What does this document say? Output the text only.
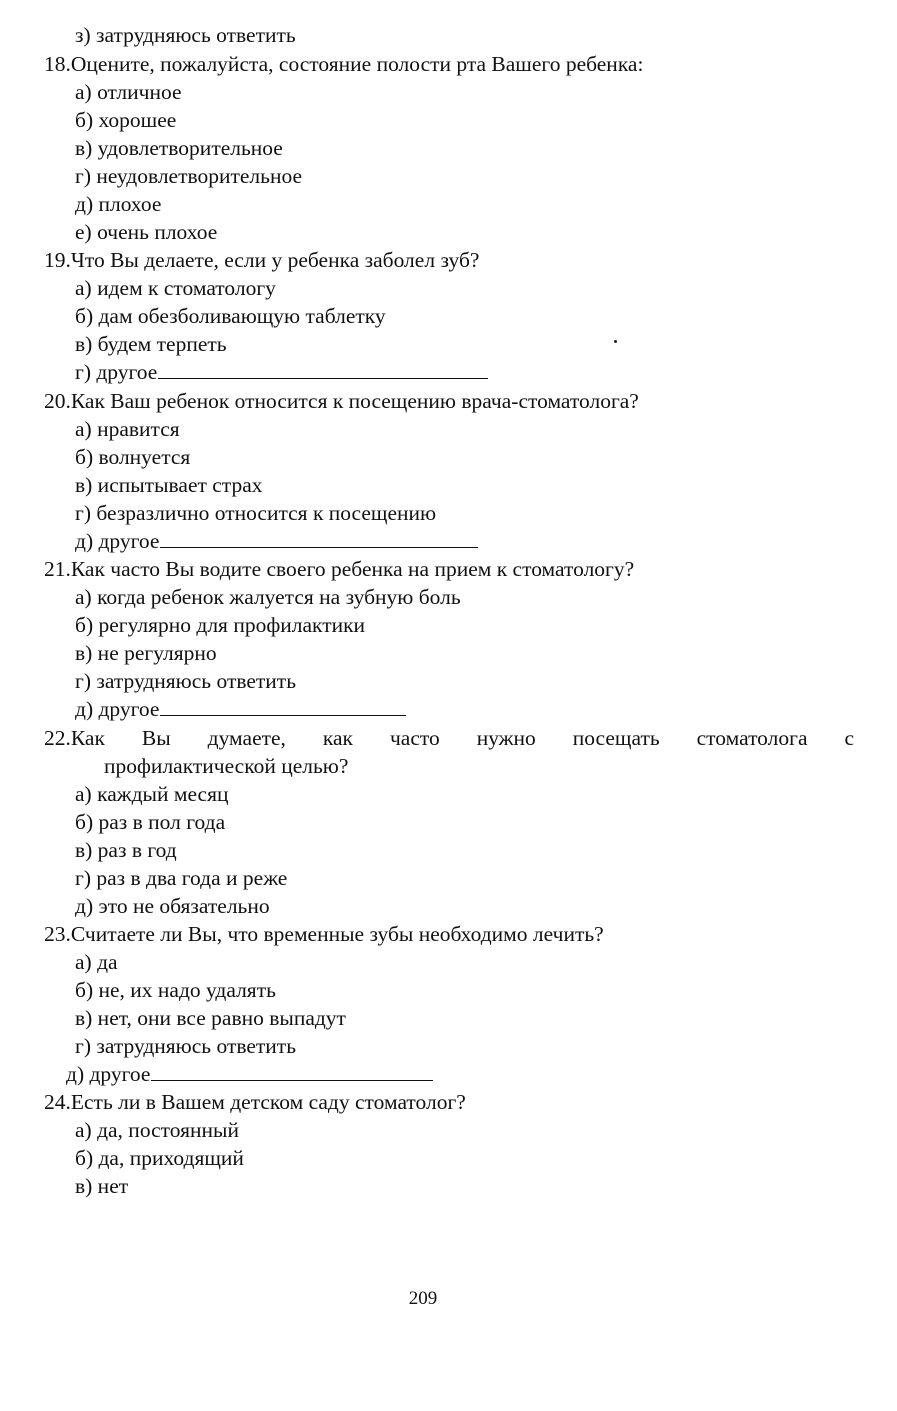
з) затрудняюсь ответить
18.Оцените, пожалуйста, состояние полости рта Вашего ребенка:
а) отличное
б) хорошее
в) удовлетворительное
г) неудовлетворительное
д) плохое
е) очень плохое
19.Что Вы делаете, если у ребенка заболел зуб?
а) идем к стоматологу
б) дам обезболивающую таблетку
в) будем терпеть
г) другое
20.Как Ваш ребенок относится к посещению врача-стоматолога?
а) нравится
б) волнуется
в) испытывает страх
г) безразлично относится к посещению
д) другое
21.Как часто Вы водите своего ребенка на прием к стоматологу?
а) когда ребенок жалуется на зубную боль
б) регулярно для профилактики
в) не регулярно
г) затрудняюсь ответить
д) другое
22.Как Вы думаете, как часто нужно посещать стоматолога с
профилактической целью?
а) каждый месяц
б) раз в пол года
в) раз в год
г) раз в два года и реже
д) это не обязательно
23.Считаете ли Вы, что временные зубы необходимо лечить?
а) да
б) не, их надо удалять
в) нет, они все равно выпадут
г) затрудняюсь ответить
д) другое
24.Есть ли в Вашем детском саду стоматолог?
а) да, постоянный
б) да, приходящий
в) нет
209
